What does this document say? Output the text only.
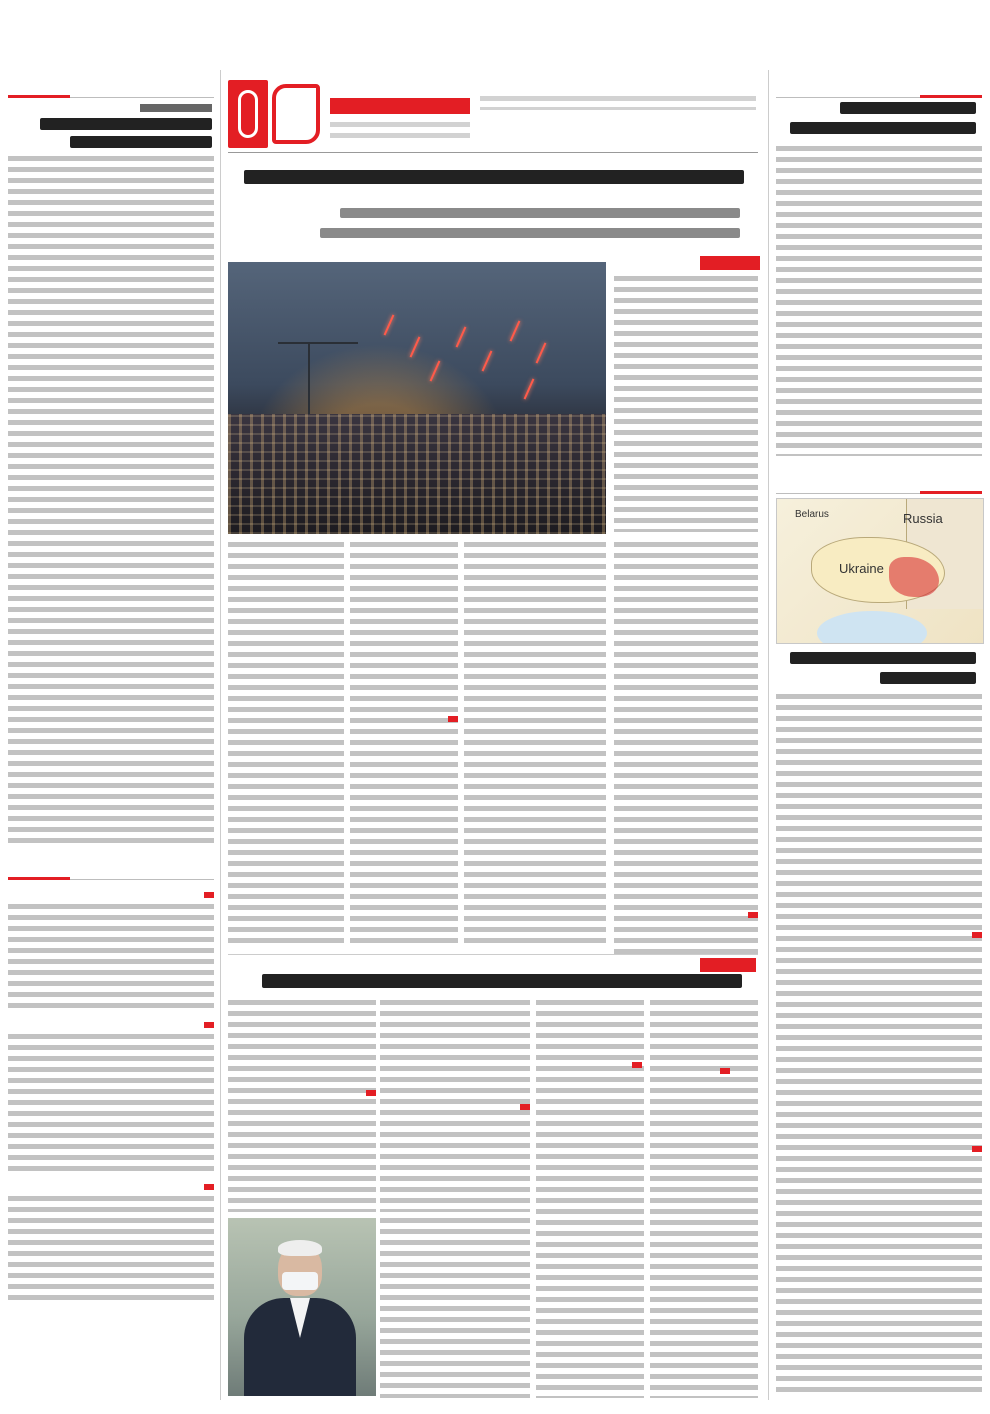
Belarus	Russia
Ukraine
